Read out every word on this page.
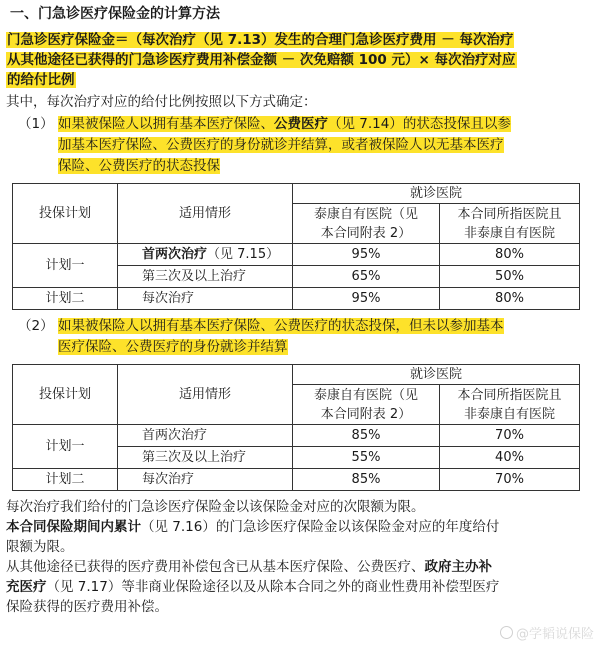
一、门急诊医疗保险金的计算方法
门急诊医疗保险金＝（每次治疗（见 7.13）发生的合理门急诊医疗费用 － 每次治疗
从其他途径已获得的门急诊医疗费用补偿金额 － 次免赔额 100 元）× 每次治疗对应
的给付比例

其中，每次治疗对应的给付比例按照以下方式确定：

（1） 如果被保险人以拥有基本医疗保险、公费医疗（见 7.14）的状态投保且以参
加基本医疗保险、公费医疗的身份就诊并结算，或者被保险人以无基本医疗
保险、公费医疗的状态投保
投保计划	适用情形	就诊医院	
		泰康自有医院（见
本合同附表 2）	本合同所指医院且
非泰康自有医院
计划一	首两次治疗（见 7.15）	95%	80%
	第三次及以上治疗	65%	50%
计划二	每次治疗	95%	80%
（2） 如果被保险人以拥有基本医疗保险、公费医疗的状态投保，但未以参加基本
医疗保险、公费医疗的身份就诊并结算
投保计划	适用情形	就诊医院	
		泰康自有医院（见
本合同附表 2）	本合同所指医院且
非泰康自有医院
计划一	首两次治疗	85%	70%
	第三次及以上治疗	55%	40%
计划二	每次治疗	85%	70%

每次治疗我们给付的门急诊医疗保险金以该保险金对应的次限额为限。

本合同保险期间内累计（见 7.16）的门急诊医疗保险金以该保险金对应的年度给付
限额为限。

从其他途径已获得的医疗费用补偿包含已从基本医疗保险、公费医疗、政府主办补
充医疗（见 7.17）等非商业保险途径以及从除本合同之外的商业性费用补偿型医疗
保险获得的医疗费用补偿。

@学韬说保险
